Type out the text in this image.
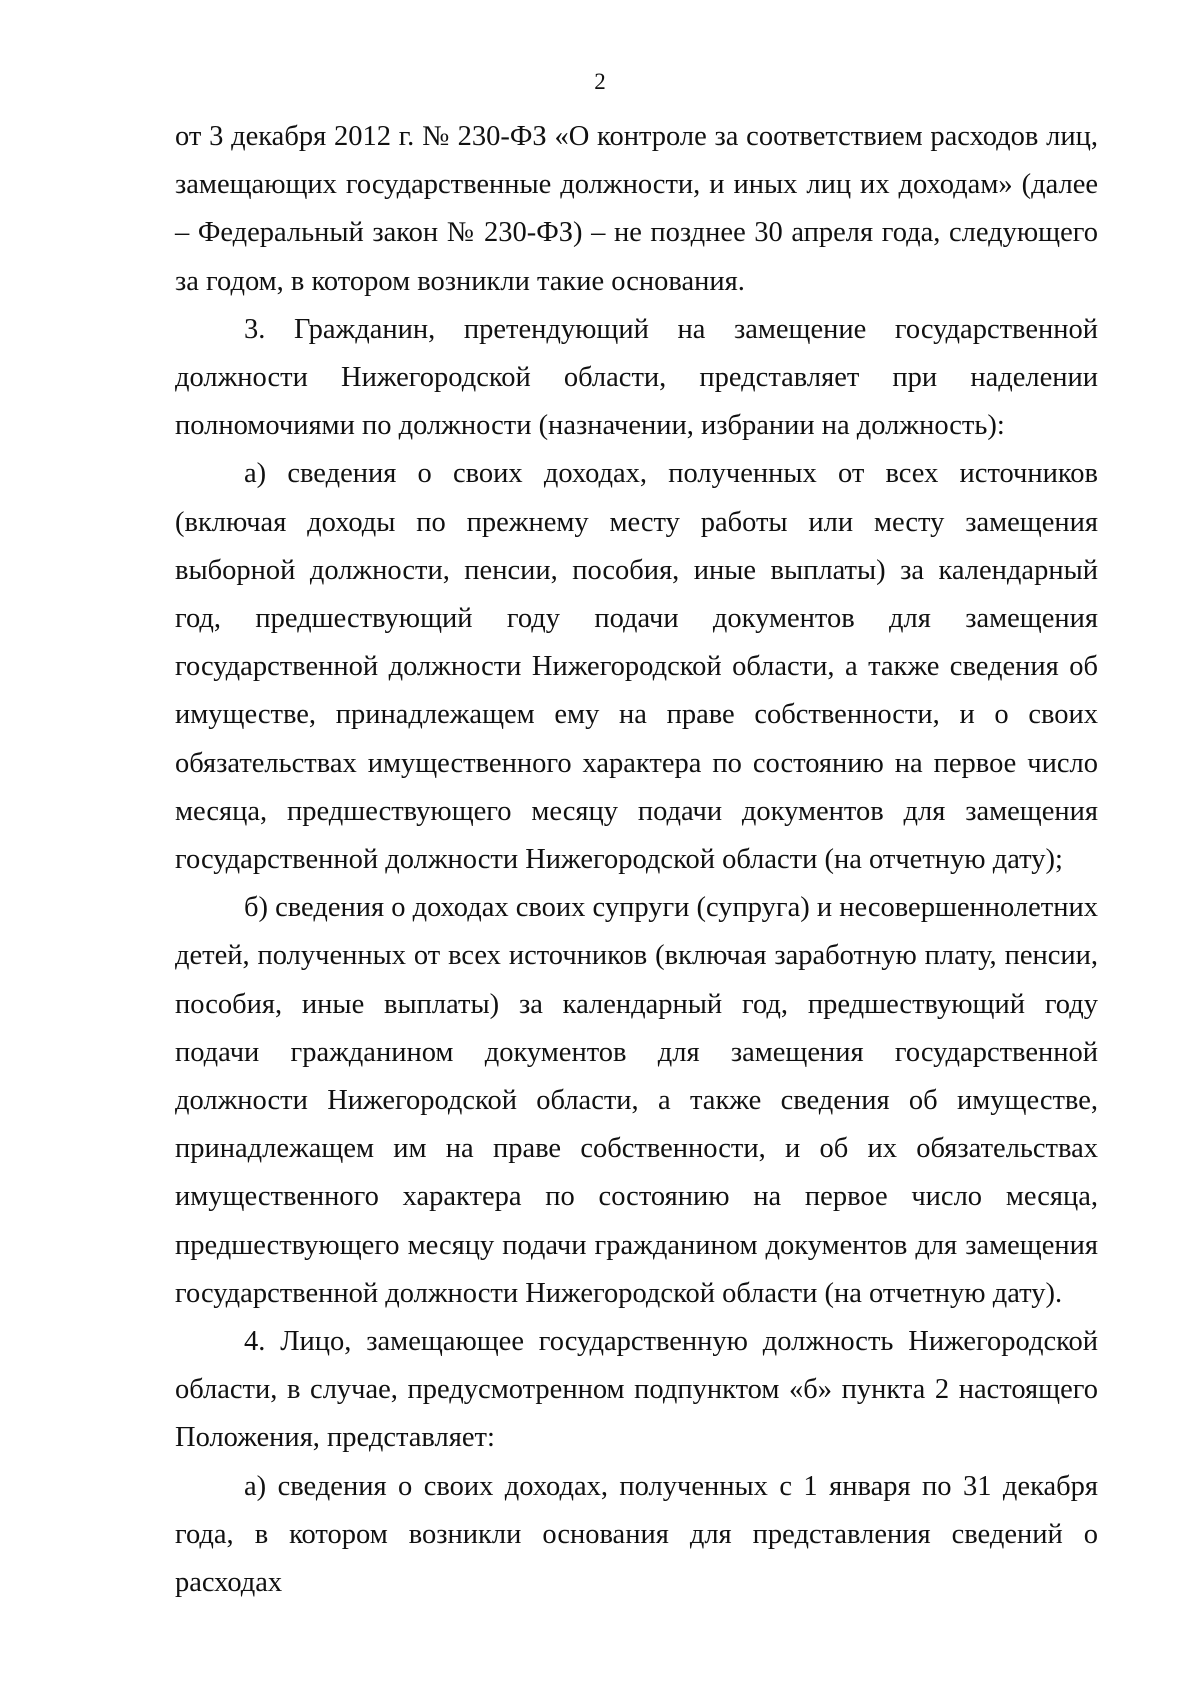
2

от 3 декабря 2012 г. № 230-ФЗ «О контроле за соответствием расходов лиц, замещающих государственные должности, и иных лиц их доходам» (далее – Федеральный закон № 230-ФЗ) – не позднее 30 апреля года, следующего за годом, в котором возникли такие основания.

3. Гражданин, претендующий на замещение государственной должности Нижегородской области, представляет при наделении полномочиями по должности (назначении, избрании на должность):

а) сведения о своих доходах, полученных от всех источников (включая доходы по прежнему месту работы или месту замещения выборной должности, пенсии, пособия, иные выплаты) за календарный год, предшествующий году подачи документов для замещения государственной должности Нижегородской области, а также сведения об имуществе, принадлежащем ему на праве собственности, и о своих обязательствах имущественного характера по состоянию на первое число месяца, предшествующего месяцу подачи документов для замещения государственной должности Нижегородской области (на отчетную дату);

б) сведения о доходах своих супруги (супруга) и несовершеннолетних детей, полученных от всех источников (включая заработную плату, пенсии, пособия, иные выплаты) за календарный год, предшествующий году подачи гражданином документов для замещения государственной должности Нижегородской области, а также сведения об имуществе, принадлежащем им на праве собственности, и об их обязательствах имущественного характера по состоянию на первое число месяца, предшествующего месяцу подачи гражданином документов для замещения государственной должности Нижегородской области (на отчетную дату).

4. Лицо, замещающее государственную должность Нижегородской области, в случае, предусмотренном подпунктом «б» пункта 2 настоящего Положения, представляет:

а) сведения о своих доходах, полученных с 1 января по 31 декабря года, в котором возникли основания для представления сведений о расходах
